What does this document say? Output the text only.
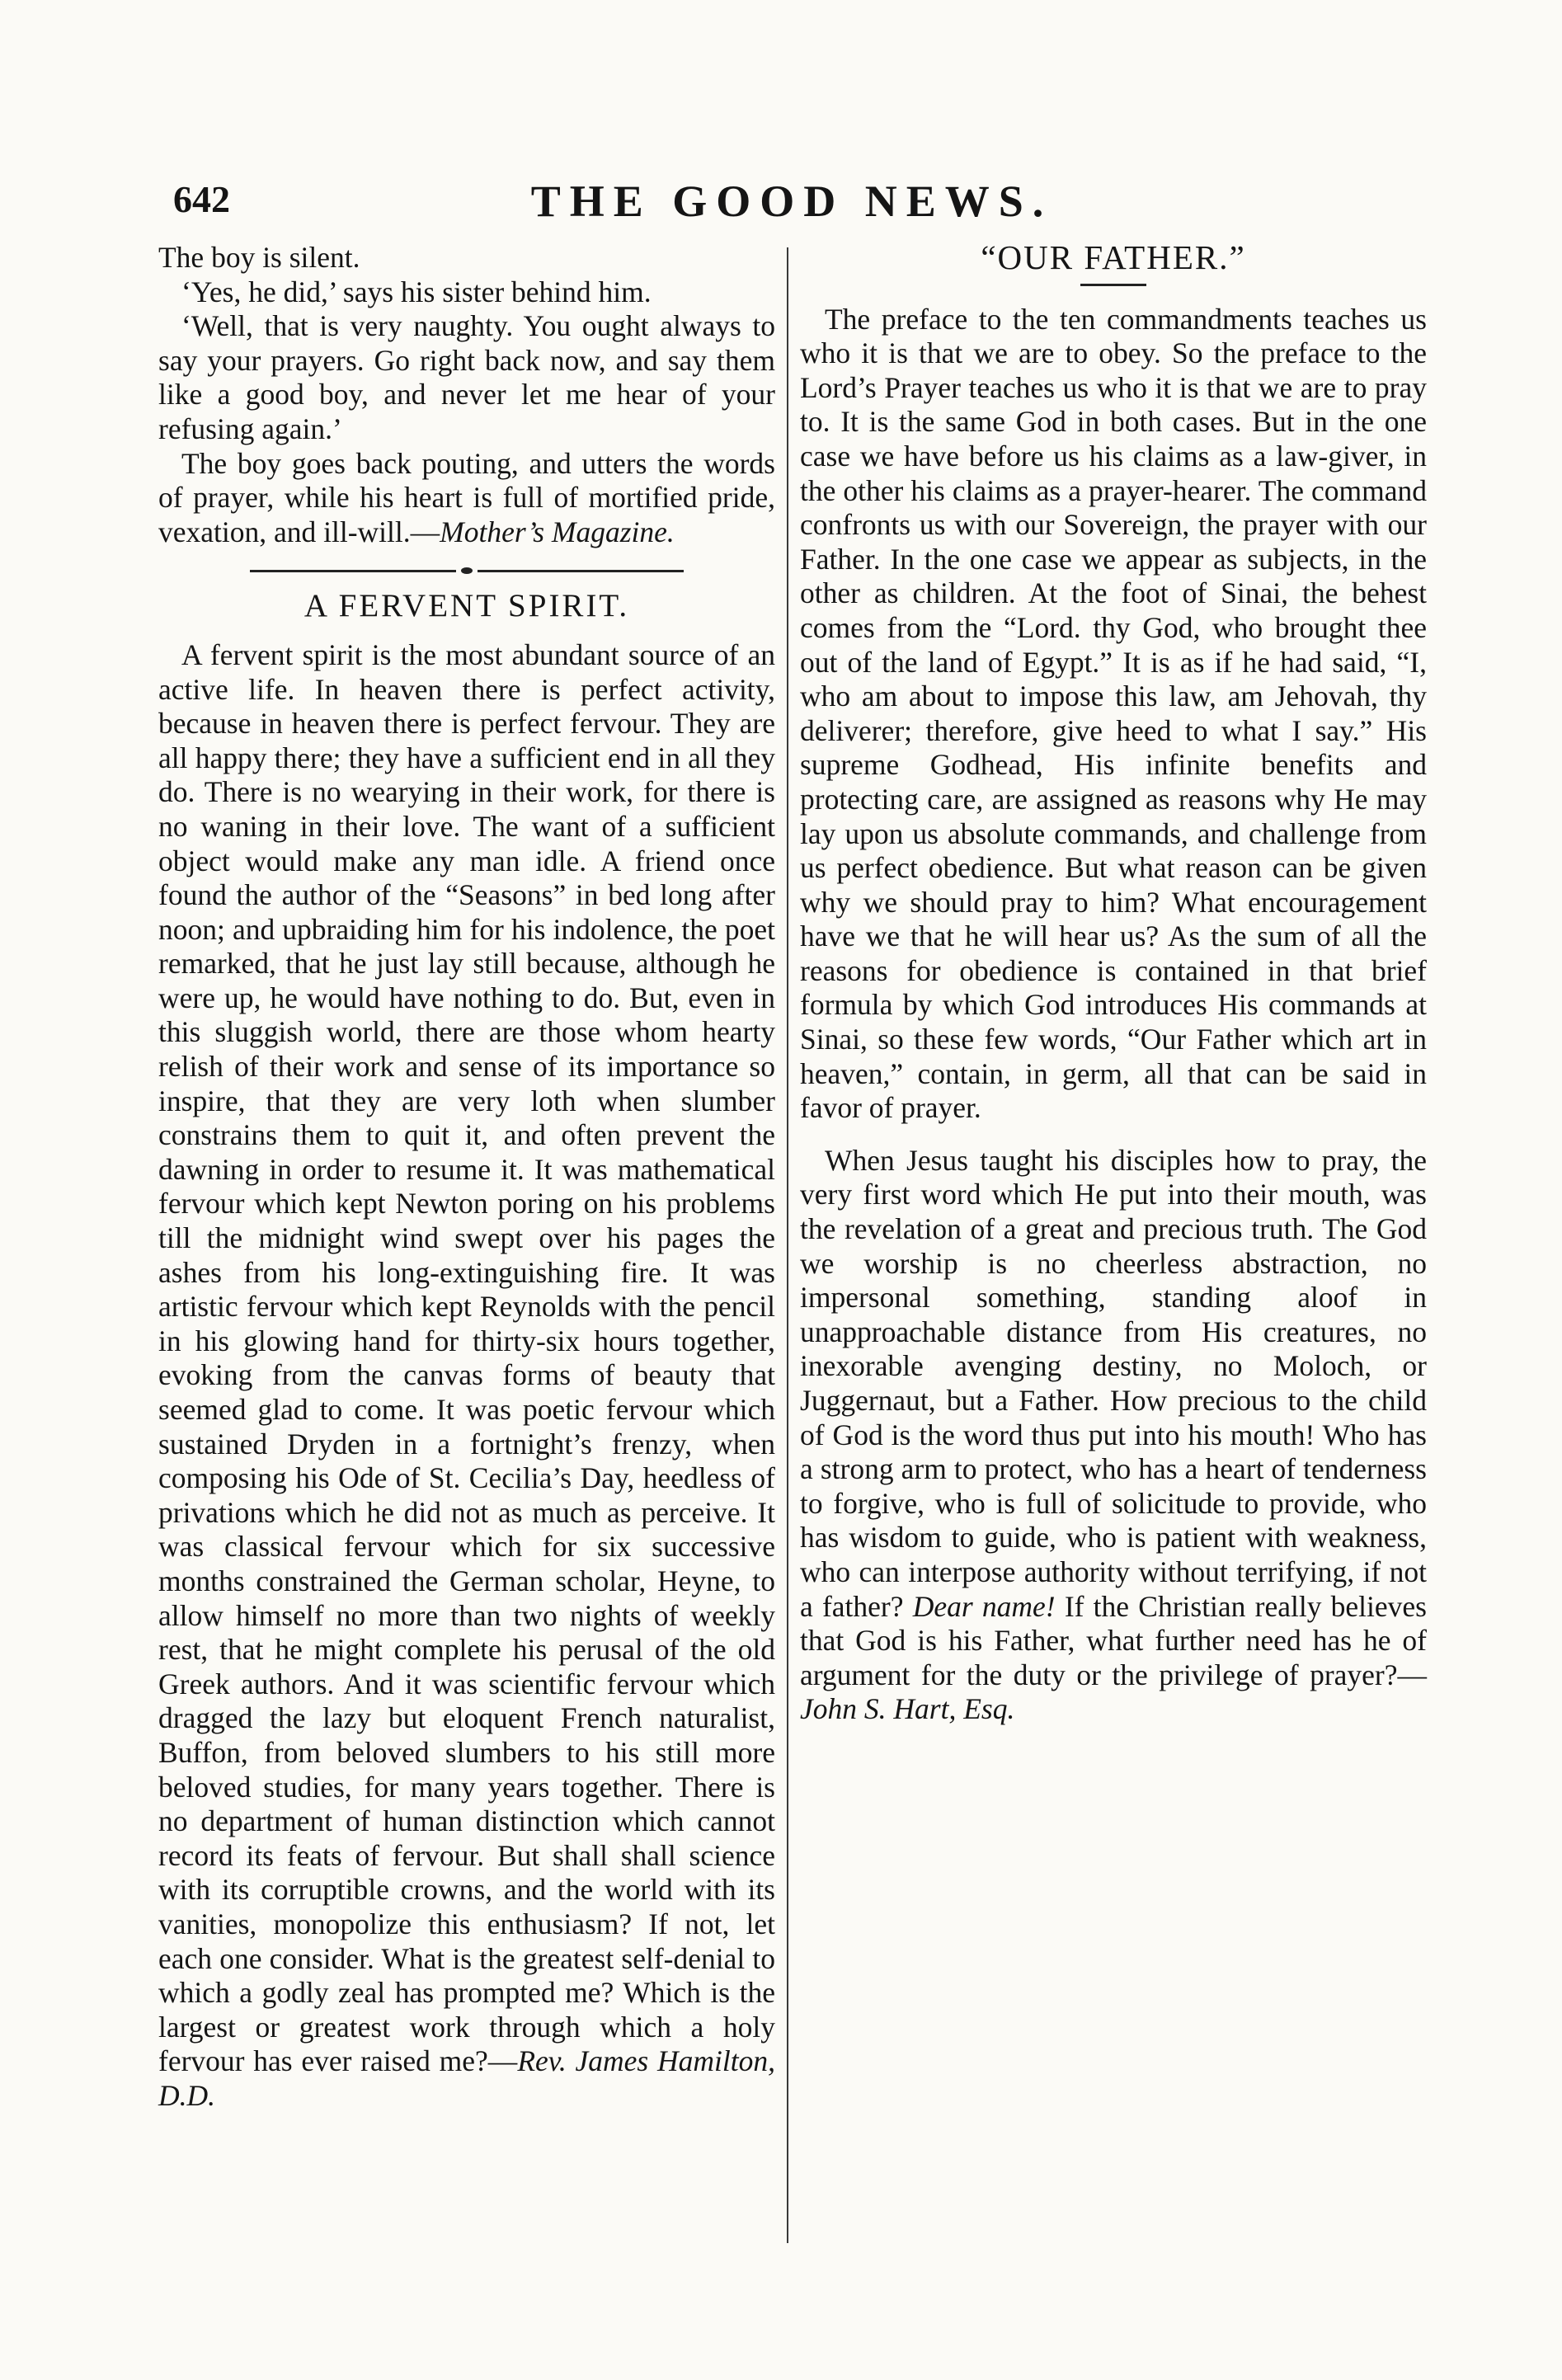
642	THE GOOD NEWS.

The boy is silent.

‘Yes, he did,’ says his sister behind him.

‘Well, that is very naughty. You ought always to say your prayers. Go right back now, and say them like a good boy, and never let me hear of your refusing again.’

The boy goes back pouting, and utters the words of prayer, while his heart is full of mortified pride, vexation, and ill-will.—Mother’s Magazine.

A FERVENT SPIRIT.

A fervent spirit is the most abundant source of an active life. In heaven there is perfect activity, because in heaven there is perfect fervour. They are all happy there; they have a sufficient end in all they do. There is no wearying in their work, for there is no waning in their love. The want of a sufficient object would make any man idle. A friend once found the author of the “Seasons” in bed long after noon; and upbraiding him for his indolence, the poet remarked, that he just lay still because, although he were up, he would have nothing to do. But, even in this sluggish world, there are those whom hearty relish of their work and sense of its importance so inspire, that they are very loth when slumber constrains them to quit it, and often prevent the dawning in order to resume it. It was mathematical fervour which kept Newton poring on his problems till the midnight wind swept over his pages the ashes from his long-extinguishing fire. It was artistic fervour which kept Reynolds with the pencil in his glowing hand for thirty-six hours together, evoking from the canvas forms of beauty that seemed glad to come. It was poetic fervour which sustained Dryden in a fortnight’s frenzy, when composing his Ode of St. Cecilia’s Day, heedless of privations which he did not as much as perceive. It was classical fervour which for six successive months constrained the German scholar, Heyne, to allow himself no more than two nights of weekly rest, that he might complete his perusal of the old Greek authors. And it was scientific fervour which dragged the lazy but eloquent French naturalist, Buffon, from beloved slumbers to his still more beloved studies, for many years together. There is no department of human distinction which cannot record its feats of fervour. But shall shall science with its corruptible crowns, and the world with its vanities, monopolize this enthusiasm? If not, let each one consider. What is the greatest self-denial to which a godly zeal has prompted me? Which is the largest or greatest work through which a holy fervour has ever raised me?—Rev. James Hamilton, D.D.

“OUR FATHER.”

The preface to the ten commandments teaches us who it is that we are to obey. So the preface to the Lord’s Prayer teaches us who it is that we are to pray to. It is the same God in both cases. But in the one case we have before us his claims as a law-giver, in the other his claims as a prayer-hearer. The command confronts us with our Sovereign, the prayer with our Father. In the one case we appear as subjects, in the other as children. At the foot of Sinai, the behest comes from the “Lord. thy God, who brought thee out of the land of Egypt.” It is as if he had said, “I, who am about to impose this law, am Jehovah, thy deliverer; therefore, give heed to what I say.” His supreme Godhead, His infinite benefits and protecting care, are assigned as reasons why He may lay upon us absolute commands, and challenge from us perfect obedience. But what reason can be given why we should pray to him? What encouragement have we that he will hear us? As the sum of all the reasons for obedience is contained in that brief formula by which God introduces His commands at Sinai, so these few words, “Our Father which art in heaven,” contain, in germ, all that can be said in favor of prayer.

When Jesus taught his disciples how to pray, the very first word which He put into their mouth, was the revelation of a great and precious truth. The God we worship is no cheerless abstraction, no impersonal something, standing aloof in unapproachable distance from His creatures, no inexorable avenging destiny, no Moloch, or Juggernaut, but a Father. How precious to the child of God is the word thus put into his mouth! Who has a strong arm to protect, who has a heart of tenderness to forgive, who is full of solicitude to provide, who has wisdom to guide, who is patient with weakness, who can interpose authority without terrifying, if not a father? Dear name! If the Christian really believes that God is his Father, what further need has he of argument for the duty or the privilege of prayer?—John S. Hart, Esq.
